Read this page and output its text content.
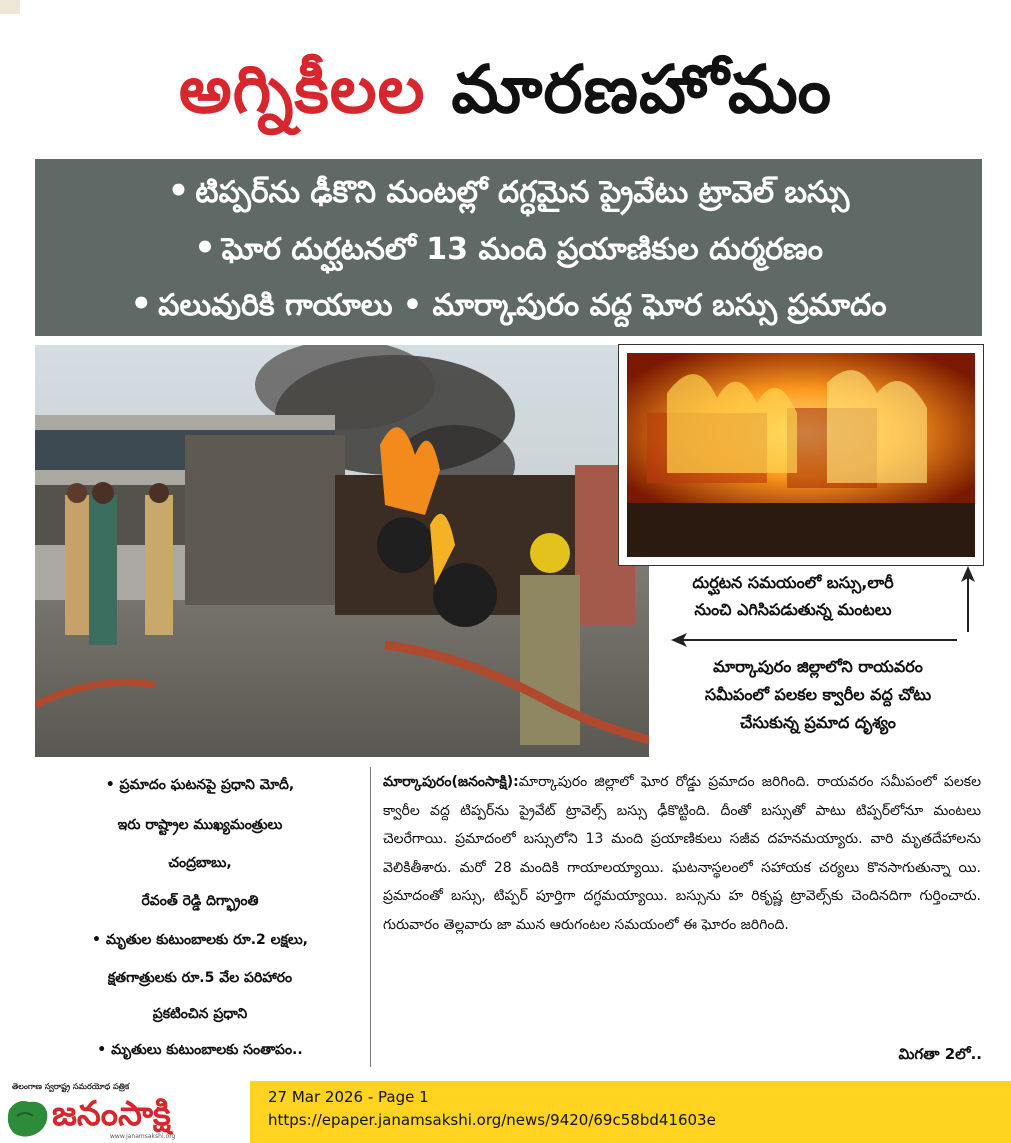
అగ్నికీలల మారణహోమం
• టిప్పర్‌ను ఢీకొని మంటల్లో దగ్ధమైన ప్రైవేటు ట్రావెల్ బస్సు
• ఘోర దుర్ఘటనలో 13 మంది ప్రయాణికుల దుర్మరణం
• పలువురికి గాయాలు • మార్కాపురం వద్ద ఘోర బస్సు ప్రమాదం
దుర్ఘటన సమయంలో బస్సు,లారీ
నుంచి ఎగిసిపడుతున్న మంటలు
మార్కాపురం జిల్లాలోని రాయవరం
సమీపంలో పలకల క్వారీల వద్ద చోటు
చేసుకున్న ప్రమాద దృశ్యం
• ప్రమాదం ఘటనపై ప్రధాని మోదీ,
ఇరు రాష్ట్రాల ముఖ్యమంత్రులు
చంద్రబాబు,
రేవంత్ రెడ్డి దిగ్భ్రాంతి
• మృతుల కుటుంబాలకు రూ.2 లక్షలు,
క్షతగాత్రులకు రూ.5 వేల పరిహారం
ప్రకటించిన ప్రధాని
• మృతులు కుటుంబాలకు సంతాపం..
మార్కాపురం(జనంసాక్షి):మార్కాపురం జిల్లాలో ఘోర రోడ్డు ప్రమాదం జరిగింది. రాయవరం సమీపంలో పలకల క్వారీల వద్ద టిప్పర్‌ను ప్రైవేట్ ట్రావెల్స్ బస్సు ఢీకొట్టింది. దీంతో బస్సుతో పాటు టిప్పర్‌లోనూ మంటలు చెలరేగాయి. ప్రమాదంలో బస్సులోని 13 మంది ప్రయాణికులు సజీవ దహనమయ్యారు. వారి మృతదేహాలను వెలికితీశారు. మరో 28 మందికి గాయాలయ్యాయి. ఘటనాస్థలంలో సహాయక చర్యలు కొనసాగుతున్నా యి. ప్రమాదంతో బస్సు, టిప్పర్ పూర్తిగా దగ్ధమయ్యాయి. బస్సును హ రికృష్ణ ట్రావెల్స్‌కు చెందినదిగా గుర్తించారు. గురువారం తెల్లవారు జా మున ఆరుగంటల సమయంలో ఈ ఘోరం జరిగింది.
మిగతా 2లో..
తెలంగాణ స్వరాష్ట్ర సమరయోధ పత్రిక
జనంసాక్షి
www.janamsakshi.org
27 Mar 2026 - Page 1
https://epaper.janamsakshi.org/news/9420/69c58bd41603e
